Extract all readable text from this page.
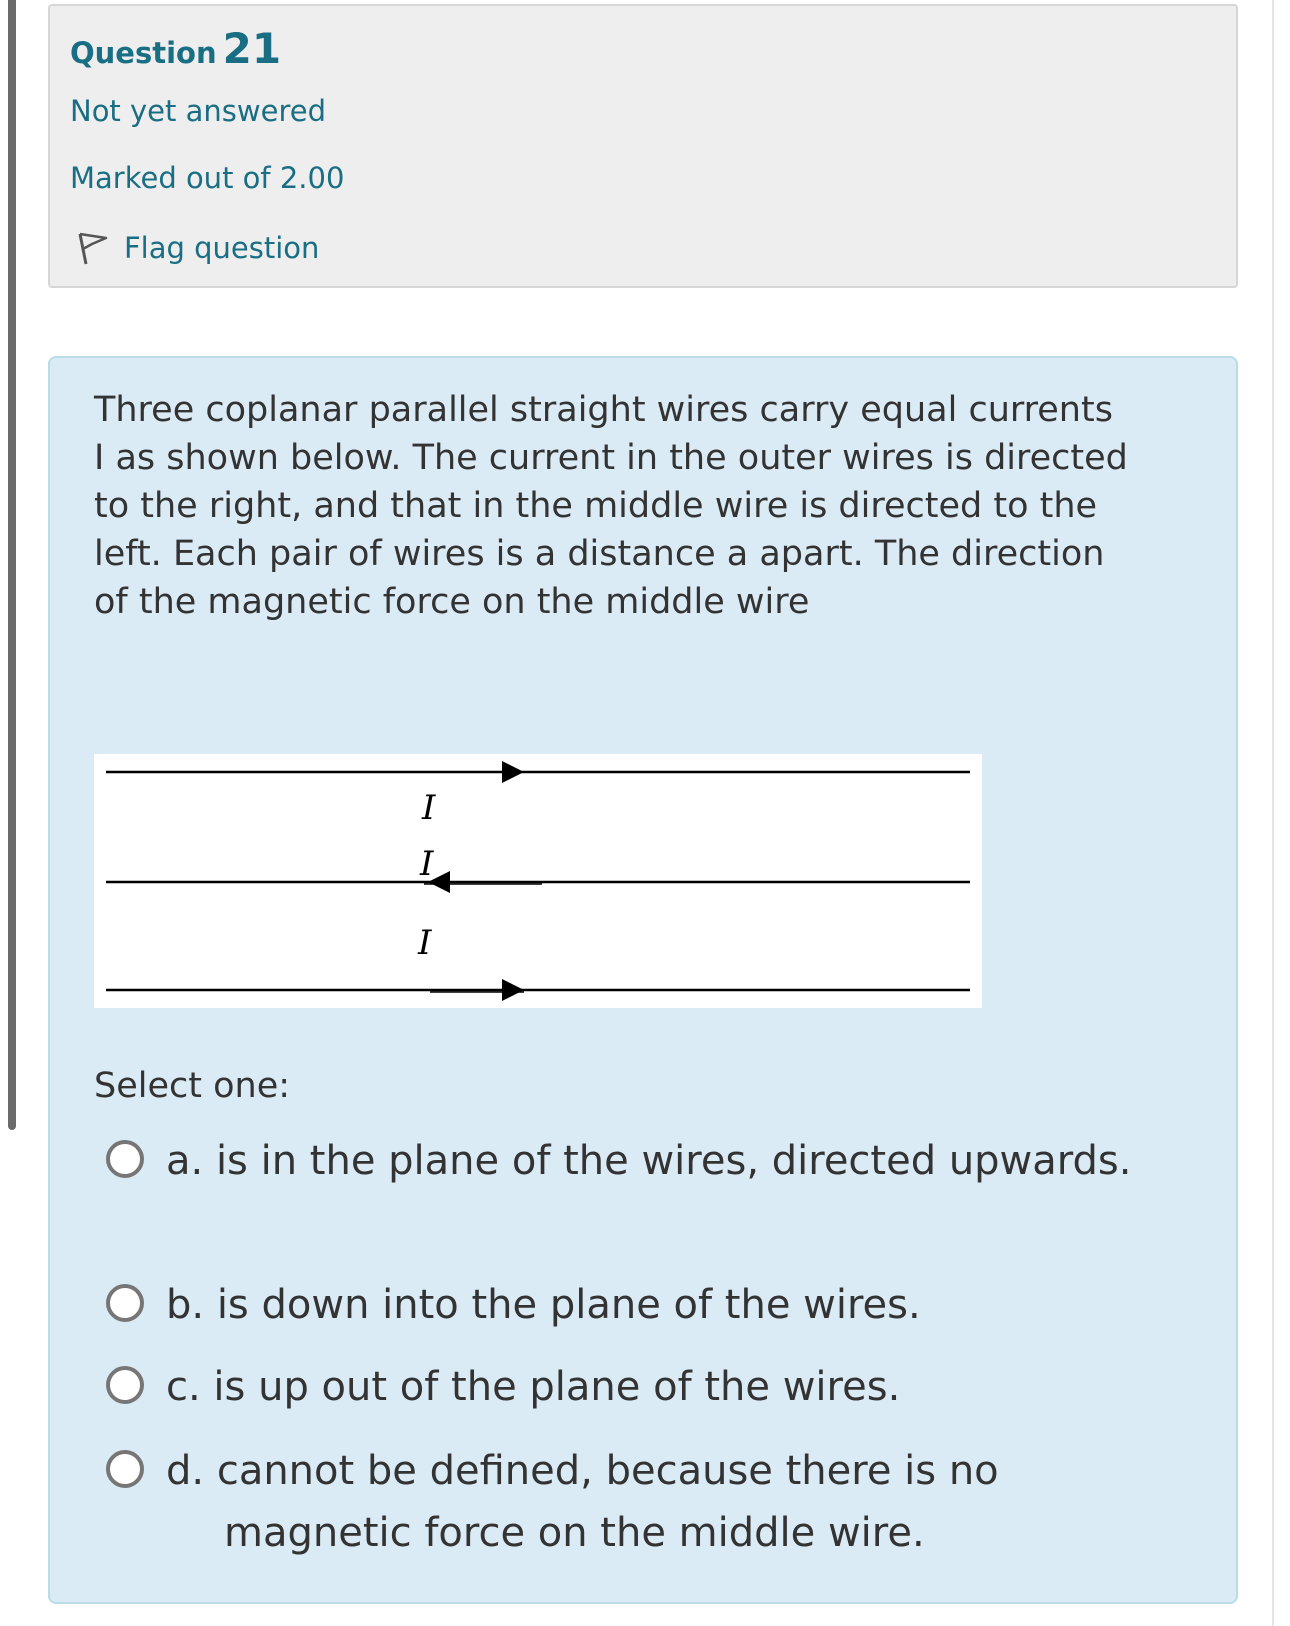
Question 21
Not yet answered
Marked out of 2.00
Flag question
Three coplanar parallel straight wires carry equal currents I as shown below. The current in the outer wires is directed to the right, and that in the middle wire is directed to the left. Each pair of wires is a distance a apart. The direction of the magnetic force on the middle wire
I
I
I
Select one:
a. is in the plane of the wires, directed upwards.
b. is down into the plane of the wires.
c. is up out of the plane of the wires.
d. cannot be defined, because there is no magnetic force on the middle wire.
